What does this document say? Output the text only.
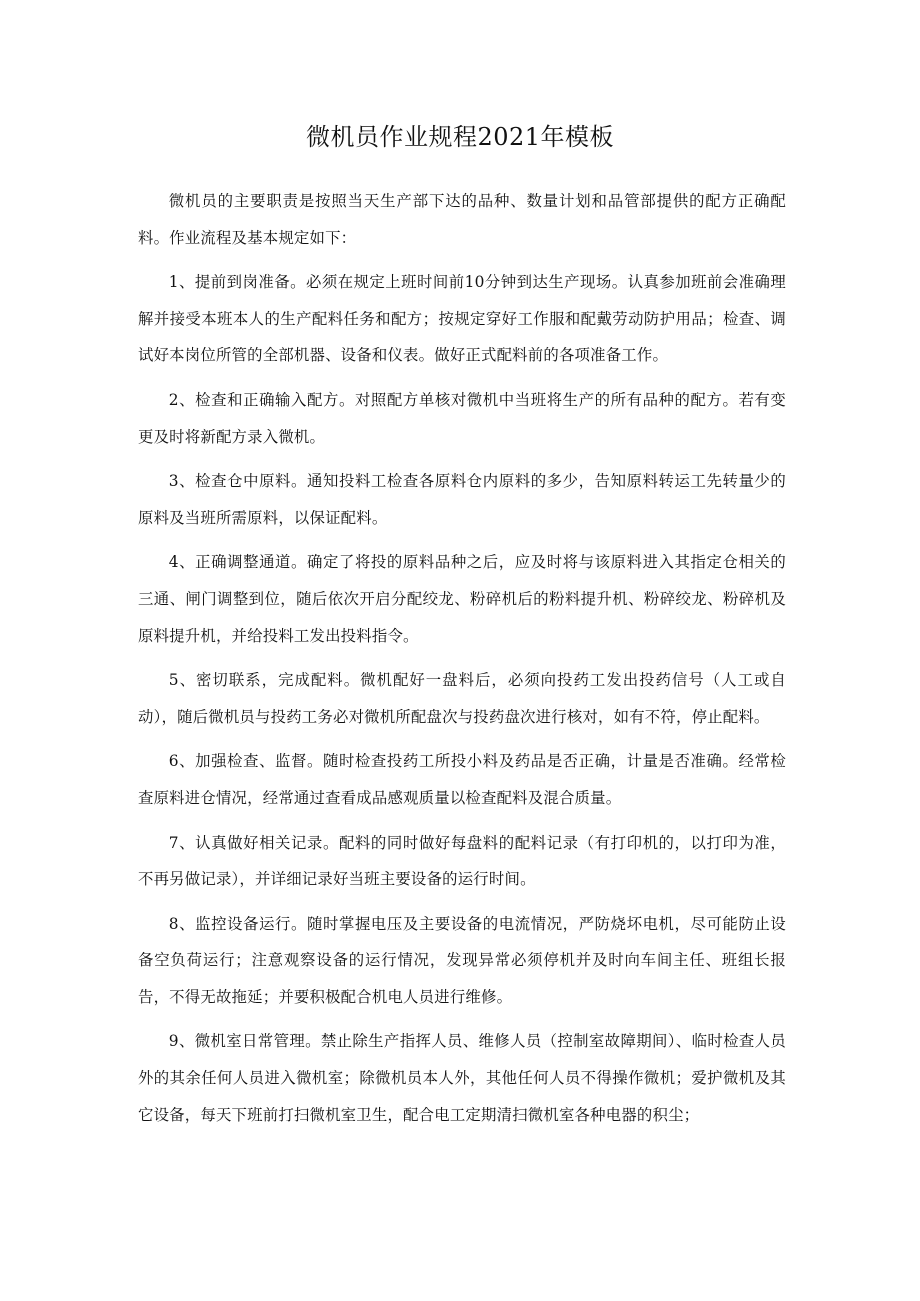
微机员作业规程2021年模板

微机员的主要职责是按照当天生产部下达的品种、数量计划和品管部提供的配方正确配料。作业流程及基本规定如下：

1、提前到岗准备。必须在规定上班时间前10分钟到达生产现场。认真参加班前会准确理解并接受本班本人的生产配料任务和配方；按规定穿好工作服和配戴劳动防护用品；检查、调试好本岗位所管的全部机器、设备和仪表。做好正式配料前的各项准备工作。

2、检查和正确输入配方。对照配方单核对微机中当班将生产的所有品种的配方。若有变更及时将新配方录入微机。

3、检查仓中原料。通知投料工检查各原料仓内原料的多少，告知原料转运工先转量少的原料及当班所需原料，以保证配料。

4、正确调整通道。确定了将投的原料品种之后，应及时将与该原料进入其指定仓相关的三通、闸门调整到位，随后依次开启分配绞龙、粉碎机后的粉料提升机、粉碎绞龙、粉碎机及原料提升机，并给投料工发出投料指令。

5、密切联系，完成配料。微机配好一盘料后，必须向投药工发出投药信号（人工或自动），随后微机员与投药工务必对微机所配盘次与投药盘次进行核对，如有不符，停止配料。

6、加强检查、监督。随时检查投药工所投小料及药品是否正确，计量是否准确。经常检查原料进仓情况，经常通过查看成品感观质量以检查配料及混合质量。

7、认真做好相关记录。配料的同时做好每盘料的配料记录（有打印机的，以打印为准，不再另做记录），并详细记录好当班主要设备的运行时间。

8、监控设备运行。随时掌握电压及主要设备的电流情况，严防烧坏电机，尽可能防止设备空负荷运行；注意观察设备的运行情况，发现异常必须停机并及时向车间主任、班组长报告，不得无故拖延；并要积极配合机电人员进行维修。

9、微机室日常管理。禁止除生产指挥人员、维修人员（控制室故障期间）、临时检查人员外的其余任何人员进入微机室；除微机员本人外，其他任何人员不得操作微机；爱护微机及其它设备，每天下班前打扫微机室卫生，配合电工定期清扫微机室各种电器的积尘；
